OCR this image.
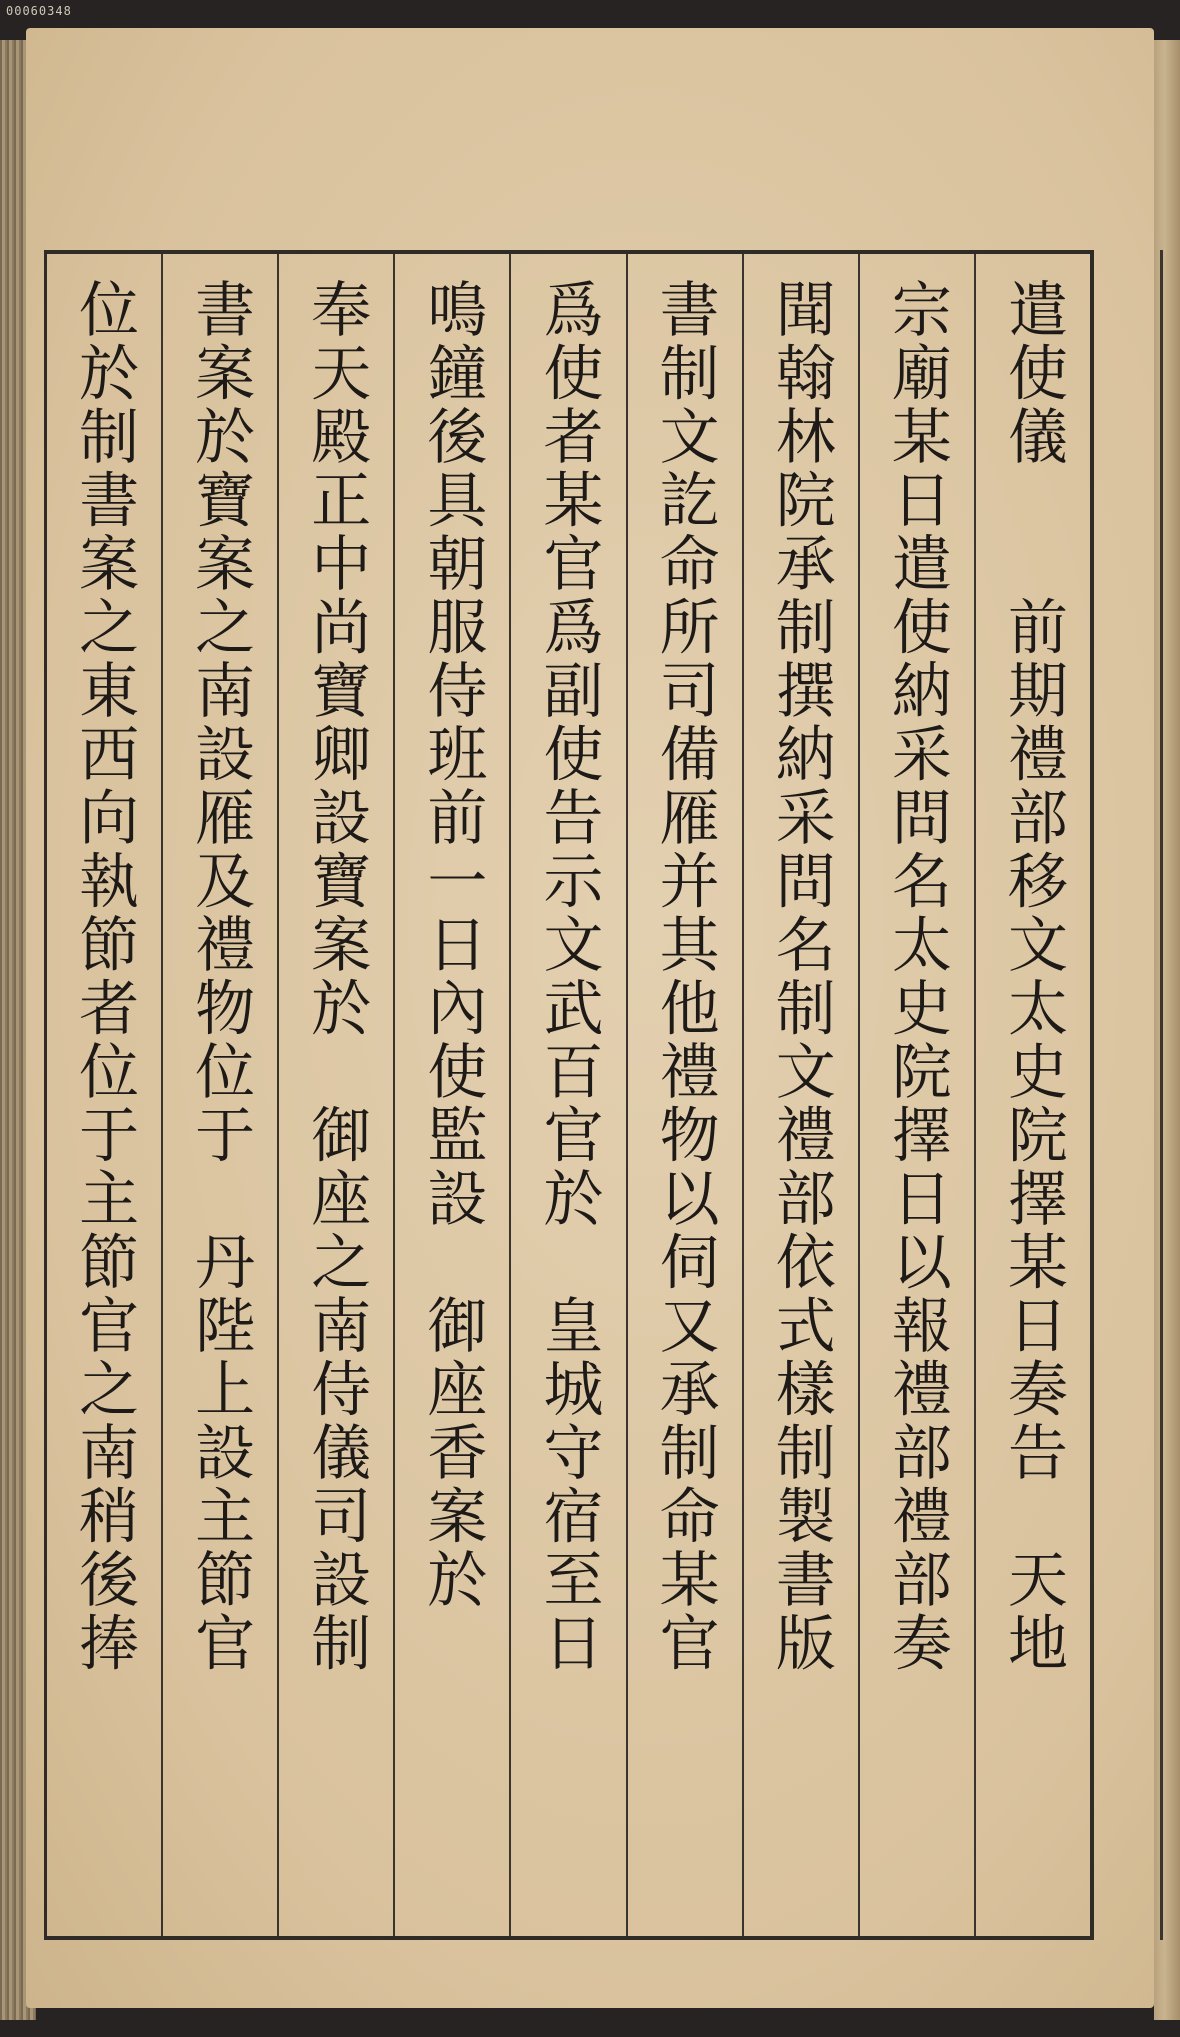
00060348
遣使儀　　前期禮部移文太史院擇某日奏告　天地
宗廟某日遣使納采問名太史院擇日以報禮部禮部奏
聞翰林院承制撰納采問名制文禮部依式樣制製書版
書制文訖命所司備雁并其他禮物以伺又承制命某官
爲使者某官爲副使告示文武百官於　皇城守宿至日
鳴鐘後具朝服侍班前一日內使監設　御座香案於
奉天殿正中尚寶卿設寶案於　御座之南侍儀司設制
書案於寶案之南設雁及禮物位于　丹陛上設主節官
位於制書案之東西向執節者位于主節官之南稍後捧
